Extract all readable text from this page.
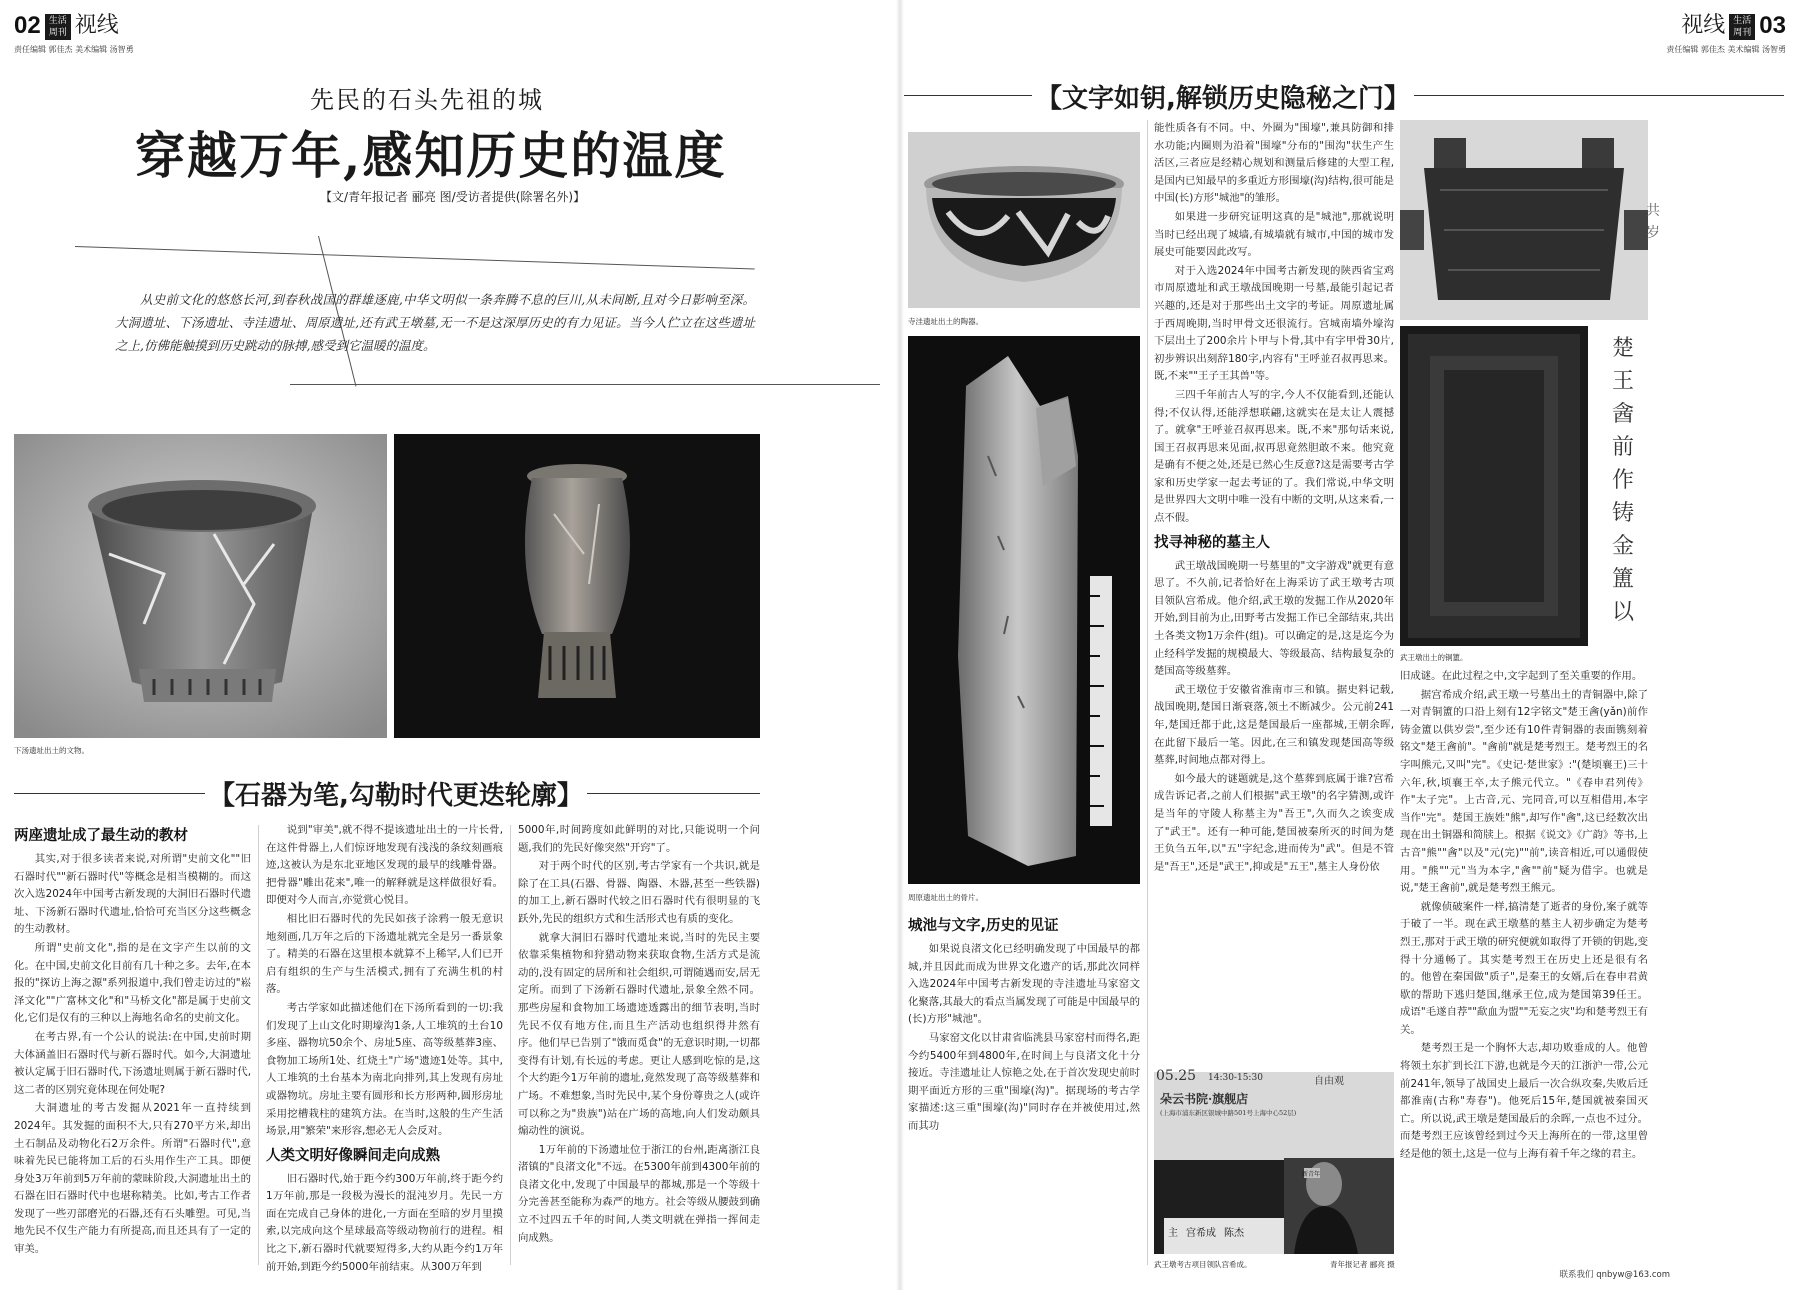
02 生活周刊 视线
责任编辑 郭佳杰 美术编辑 汤智勇
先民的石头先祖的城
穿越万年,感知历史的温度
【文/青年报记者 郦亮 图/受访者提供(除署名外)】
从史前文化的悠悠长河,到春秋战国的群雄逐鹿,中华文明似一条奔腾不息的巨川,从未间断,且对今日影响至深。大洞遗址、下汤遗址、寺洼遗址、周原遗址,还有武王墩墓,无一不是这深厚历史的有力见证。当今人伫立在这些遗址之上,仿佛能触摸到历史跳动的脉搏,感受到它温暖的温度。
下汤遗址出土的文物。
【石器为笔,勾勒时代更迭轮廓】
两座遗址成了最生动的教材

其实,对于很多读者来说,对所谓"史前文化""旧石器时代""新石器时代"等概念是相当模糊的。而这次入选2024年中国考古新发现的大洞旧石器时代遗址、下汤新石器时代遗址,恰恰可充当区分这些概念的生动教材。

所谓"史前文化",指的是在文字产生以前的文化。在中国,史前文化目前有几十种之多。去年,在本报的"探访上海之源"系列报道中,我们曾走访过的"崧泽文化""广富林文化"和"马桥文化"都是属于史前文化,它们是仅有的三种以上海地名命名的史前文化。

在考古界,有一个公认的说法:在中国,史前时期大体涵盖旧石器时代与新石器时代。如今,大洞遗址被认定属于旧石器时代,下汤遗址则属于新石器时代,这二者的区别究竟体现在何处呢?

大洞遗址的考古发掘从2021年一直持续到2024年。其发掘的面积不大,只有270平方米,却出土石制品及动物化石2万余件。所谓"石器时代",意味着先民已能将加工后的石头用作生产工具。即便身处3万年前到5万年前的蒙昧阶段,大洞遗址出土的石器在旧石器时代中也堪称精美。比如,考古工作者发现了一些刃部磨光的石器,还有石头雕塑。可见,当地先民不仅生产能力有所提高,而且还具有了一定的审美。

说到"审美",就不得不提该遗址出土的一片长骨,在这件骨器上,人们惊讶地发现有浅浅的条纹刻画痕迹,这被认为是东北亚地区发现的最早的线雕骨器。把骨器"雕出花来",唯一的解释就是这样做很好看。即便对今人而言,亦觉赏心悦目。

相比旧石器时代的先民如孩子涂鸦一般无意识地刻画,几万年之后的下汤遗址就完全是另一番景象了。精美的石器在这里根本就算不上稀罕,人们已开启有组织的生产与生活模式,拥有了充满生机的村落。

考古学家如此描述他们在下汤所看到的一切:我们发现了上山文化时期壕沟1条,人工堆筑的土台10多座、器物坑50余个、房址5座、高等级墓葬3座、食物加工场所1处、红烧土"广场"遗迹1处等。其中,人工堆筑的土台基本为南北向排列,其上发现有房址或器物坑。房址主要有圆形和长方形两种,圆形房址采用挖槽栽柱的建筑方法。在当时,这般的生产生活场景,用"繁荣"来形容,想必无人会反对。

人类文明好像瞬间走向成熟

旧石器时代,始于距今约300万年前,终于距今约1万年前,那是一段极为漫长的混沌岁月。先民一方面在完成自己身体的进化,一方面在至暗的岁月里摸索,以完成向这个星球最高等级动物前行的进程。相比之下,新石器时代就要短得多,大约从距今约1万年前开始,到距今约5000年前结束。从300万年到

5000年,时间跨度如此鲜明的对比,只能说明一个问题,我们的先民好像突然"开窍"了。

对于两个时代的区别,考古学家有一个共识,就是除了在工具(石器、骨器、陶器、木器,甚至一些铁器)的加工上,新石器时代较之旧石器时代有很明显的飞跃外,先民的组织方式和生活形式也有质的变化。

就拿大洞旧石器时代遗址来说,当时的先民主要依靠采集植物和狩猎动物来获取食物,生活方式是流动的,没有固定的居所和社会组织,可谓随遇而安,居无定所。而到了下汤新石器时代遗址,景象全然不同。那些房屋和食物加工场遗迹透露出的细节表明,当时先民不仅有地方住,而且生产活动也组织得井然有序。他们早已告别了"饿而觅食"的无意识时期,一切都变得有计划,有长远的考虑。更让人感到吃惊的是,这个大约距今1万年前的遗址,竟然发现了高等级墓葬和广场。不难想象,当时先民中,某个身份尊贵之人(或许可以称之为"贵族")站在广场的高地,向人们发动颇具煽动性的演说。

1万年前的下汤遗址位于浙江的台州,距离浙江良渚镇的"良渚文化"不远。在5300年前到4300年前的良渚文化中,发现了中国最早的都城,那是一个等级十分完善甚至能称为森严的地方。社会等级从腰鼓到确立不过四五千年的时间,人类文明就在弹指一挥间走向成熟。

视线 生活周刊 03
责任编辑 郭佳杰 美术编辑 汤智勇
【文字如钥,解锁历史隐秘之门】
寺洼遗址出土的陶器。
周原遗址出土的骨片。
城池与文字,历史的见证

如果说良渚文化已经明确发现了中国最早的都城,并且因此而成为世界文化遗产的话,那此次同样入选2024年中国考古新发现的寺洼遗址马家窑文化聚落,其最大的看点当属发现了可能是中国最早的(长)方形"城池"。

马家窑文化以甘肃省临洮县马家窑村而得名,距今约5400年到4800年,在时间上与良渚文化十分接近。寺洼遗址让人惊艳之处,在于首次发现史前时期平面近方形的三重"围壕(沟)"。据现场的考古学家描述:这三重"围壕(沟)"同时存在并被使用过,然而其功

能性质各有不同。中、外圈为"围壕",兼具防御和排水功能;内圈则为沿着"围壕"分布的"围沟"状生产生活区,三者应是经精心规划和测量后修建的大型工程,是国内已知最早的多重近方形围壕(沟)结构,很可能是中国(长)方形"城池"的雏形。

如果进一步研究证明这真的是"城池",那就说明当时已经出现了城墙,有城墙就有城市,中国的城市发展史可能要因此改写。

对于入选2024年中国考古新发现的陕西省宝鸡市周原遗址和武王墩战国晚期一号墓,最能引起记者兴趣的,还是对于那些出土文字的考证。周原遗址属于西周晚期,当时甲骨文还很流行。宫城南墙外壕沟下层出土了200余片卜甲与卜骨,其中有字甲骨30片,初步辨识出刻辞180字,内容有"王呼並召叔再思来。既,不来""王子王其兽"等。

三四千年前古人写的字,今人不仅能看到,还能认得;不仅认得,还能浮想联翩,这就实在是太让人震撼了。就拿"王呼並召叔再思来。既,不来"那句话来说,国王召叔再思来见面,叔再思竟然胆敢不来。他究竟是确有不便之处,还是已然心生反意?这是需要考古学家和历史学家一起去考证的了。我们常说,中华文明是世界四大文明中唯一没有中断的文明,从这来看,一点不假。

找寻神秘的墓主人

武王墩战国晚期一号墓里的"文字游戏"就更有意思了。不久前,记者恰好在上海采访了武王墩考古项目领队宫希成。他介绍,武王墩的发掘工作从2020年开始,到目前为止,田野考古发掘工作已全部结束,共出土各类文物1万余件(组)。可以确定的是,这是迄今为止经科学发掘的规模最大、等级最高、结构最复杂的楚国高等级墓葬。

武王墩位于安徽省淮南市三和镇。据史料记载,战国晚期,楚国日渐衰落,领土不断减少。公元前241年,楚国迁都于此,这是楚国最后一座都城,王朝余晖,在此留下最后一笔。因此,在三和镇发现楚国高等级墓葬,时间地点都对得上。

如今最大的谜题就是,这个墓葬到底属于谁?宫希成告诉记者,之前人们根据"武王墩"的名字猜测,或许是当年的守陵人称墓主为"吾王",久而久之诶变成了"武王"。还有一种可能,楚国被秦所灭的时间为楚王负刍五年,以"五"字纪念,进而传为"武"。但是不管是"吾王",还是"武王",抑或是"五王",墓主人身份依

05.25 14:30-15:30	自由观
朵云书院·旗舰店
(上海市浦东新区银城中路501号上海中心52层)
新青年
主 宫希成 陈杰
武王墩考古项目领队宫希成。	青年报记者 郦亮 摄
楚
王
酓
前
作
铸
金
簠
以
共
岁
武王墩出土的铜簠。

旧成谜。在此过程之中,文字起到了至关重要的作用。

据宫希成介绍,武王墩一号墓出土的青铜器中,除了一对青铜簠的口沿上刻有12字铭文"楚王酓(yǎn)前作铸金簠以供岁尝",至少还有10件青铜器的表面镌刻着铭文"楚王酓前"。"酓前"就是楚考烈王。楚考烈王的名字叫熊元,又叫"完"。《史记·楚世家》:"(楚顷襄王)三十六年,秋,顷襄王卒,太子熊元代立。"《春申君列传》作"太子完"。上古音,元、完同音,可以互相借用,本字当作"完"。楚国王族姓"熊",却写作"酓",这已经数次出现在出土铜器和简牍上。根据《说文》《广韵》等书,上古音"熊""酓"以及"元(完)""前",读音相近,可以通假使用。"熊""元"当为本字,"酓""前"疑为借字。也就是说,"楚王酓前",就是楚考烈王熊元。

就像侦破案件一样,搞清楚了逝者的身份,案子就等于破了一半。现在武王墩墓的墓主人初步确定为楚考烈王,那对于武王墩的研究便就如取得了开锁的钥匙,变得十分通畅了。其实楚考烈王在历史上还是很有名的。他曾在秦国做"质子",是秦王的女婿,后在春申君黄歇的帮助下逃归楚国,继承王位,成为楚国第39任王。成语"毛遂自荐""歃血为盟""无妄之灾"均和楚考烈王有关。

楚考烈王是一个胸怀大志,却功败垂成的人。他曾将领土东扩到长江下游,也就是今天的江浙沪一带,公元前241年,领导了战国史上最后一次合纵攻秦,失败后迁都淮南(古称"寿春")。他死后15年,楚国就被秦国灭亡。所以说,武王墩是楚国最后的余晖,一点也不过分。而楚考烈王应该曾经到过今天上海所在的一带,这里曾经是他的领土,这是一位与上海有着千年之缘的君主。

联系我们 qnbyw@163.com
